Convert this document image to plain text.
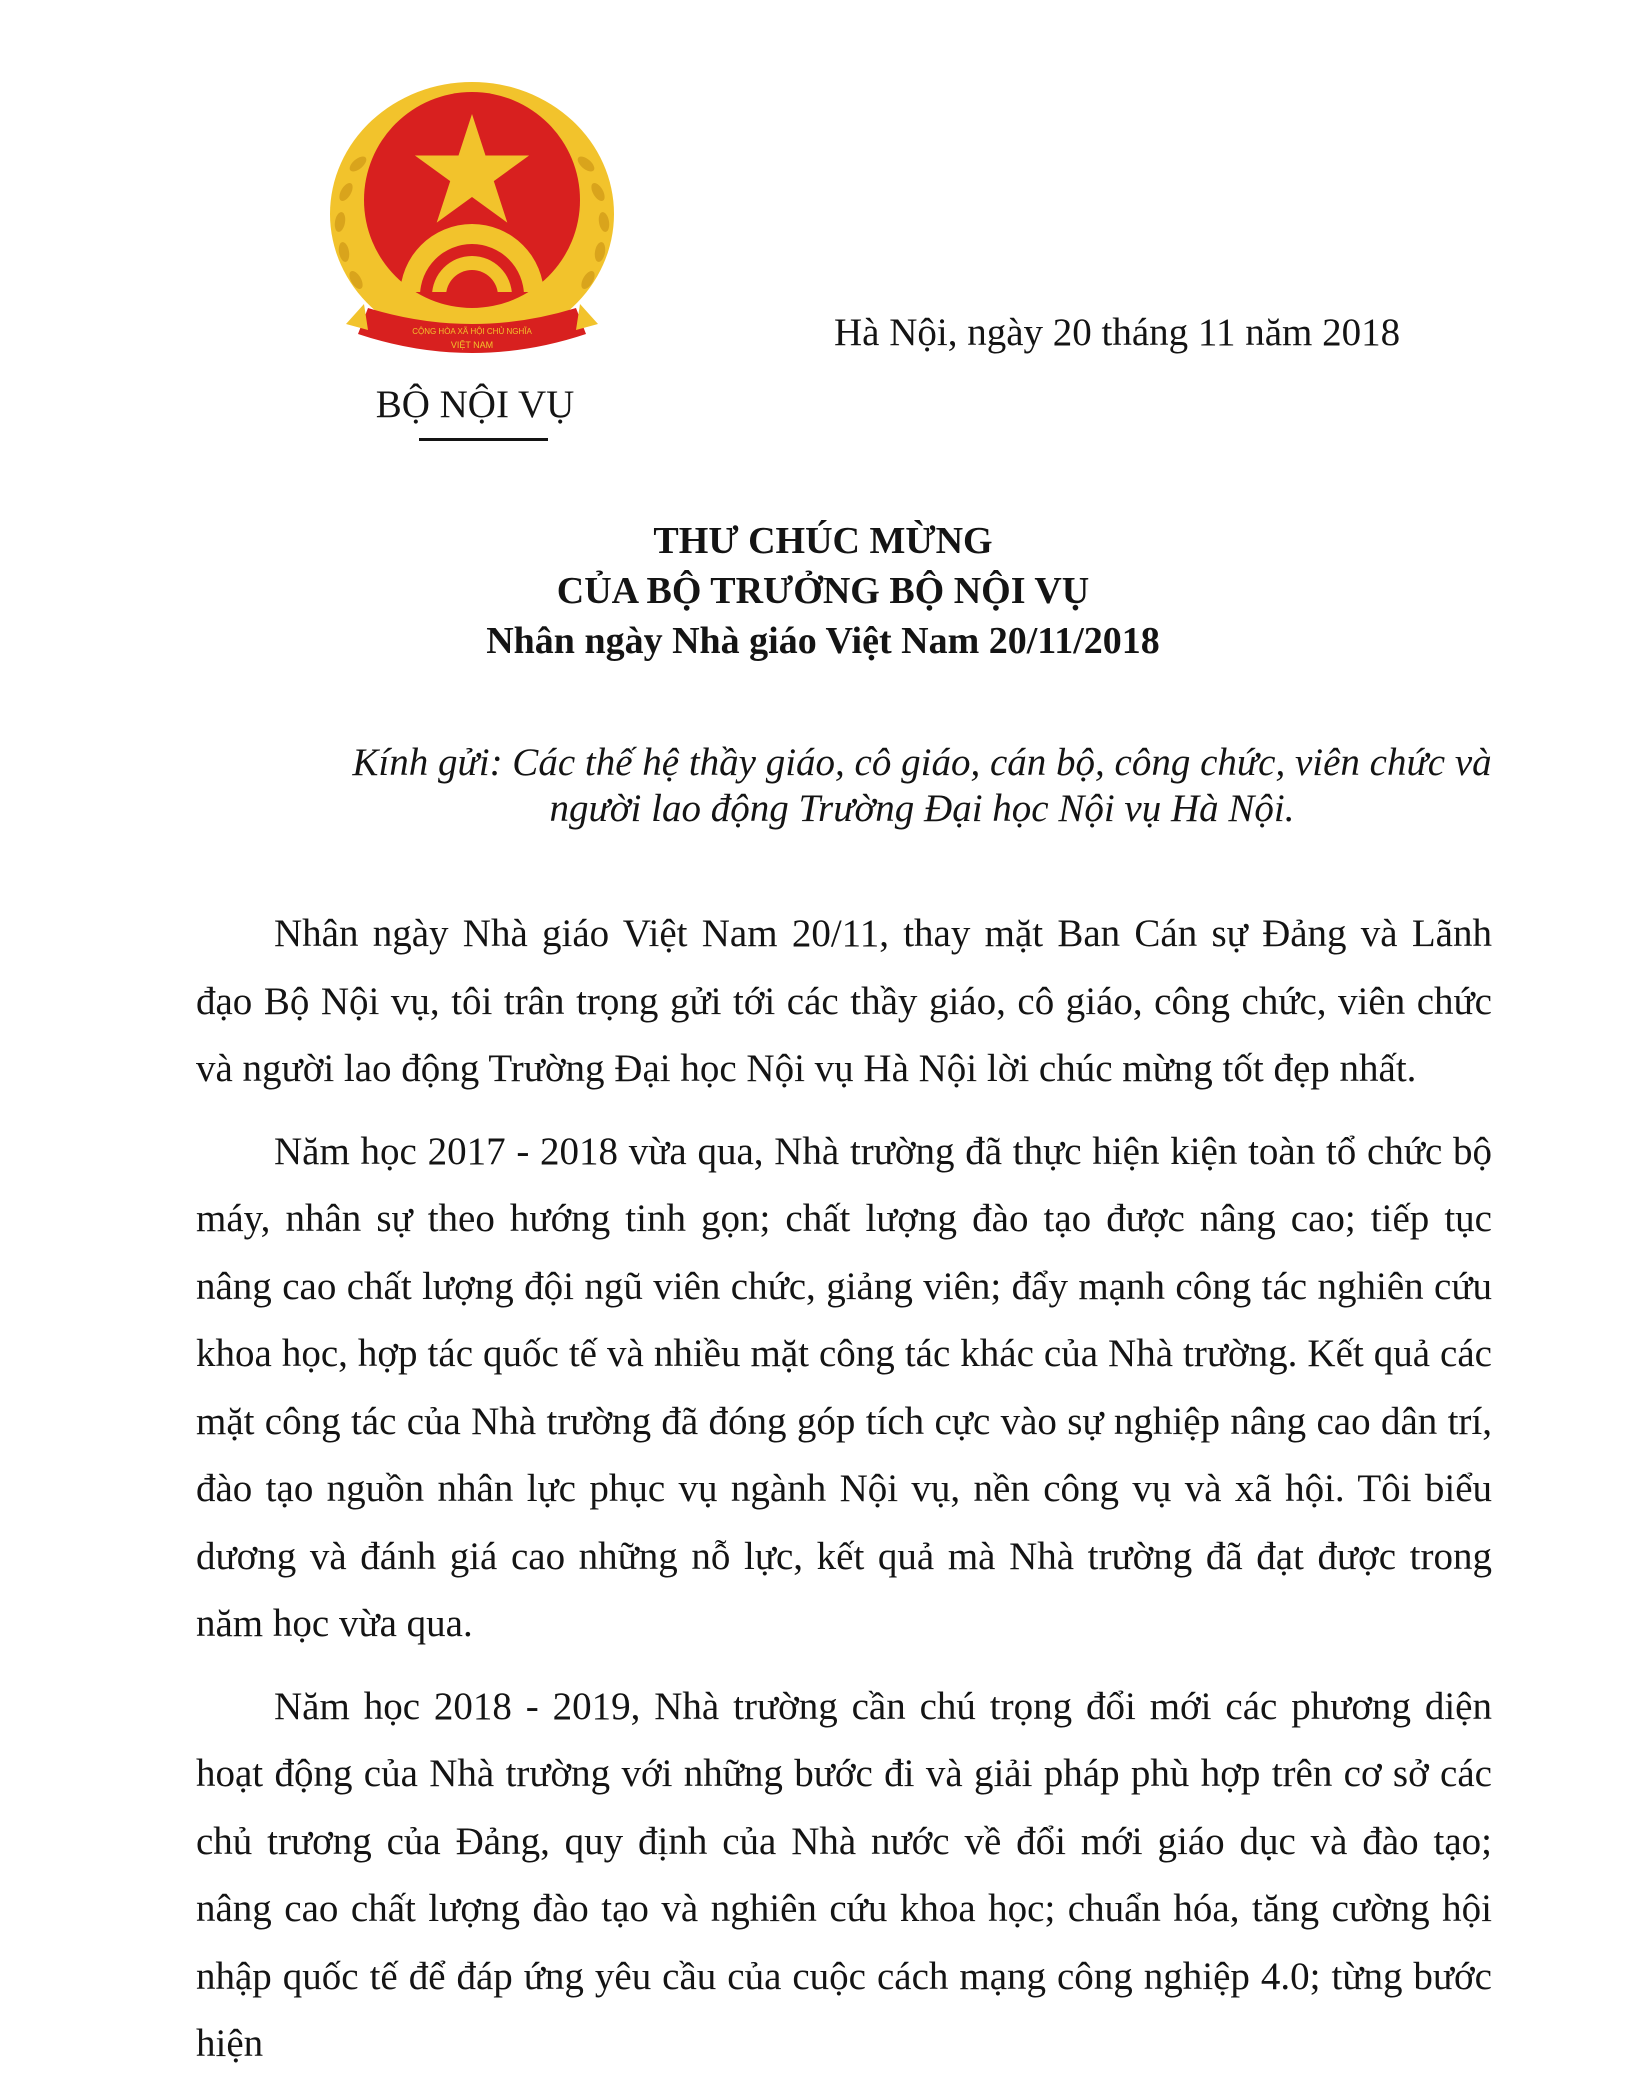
CỘNG HÒA XÃ HỘI CHỦ NGHĨA
VIỆT NAM
BỘ NỘI VỤ
Hà Nội, ngày 20 tháng 11 năm 2018
THƯ CHÚC MỪNG
CỦA BỘ TRƯỞNG BỘ NỘI VỤ
Nhân ngày Nhà giáo Việt Nam 20/11/2018
Kính gửi: Các thế hệ thầy giáo, cô giáo, cán bộ, công chức, viên chức và người lao động Trường Đại học Nội vụ Hà Nội.

Nhân ngày Nhà giáo Việt Nam 20/11, thay mặt Ban Cán sự Đảng và Lãnh đạo Bộ Nội vụ, tôi trân trọng gửi tới các thầy giáo, cô giáo, công chức, viên chức và người lao động Trường Đại học Nội vụ Hà Nội lời chúc mừng tốt đẹp nhất.

Năm học 2017 - 2018 vừa qua, Nhà trường đã thực hiện kiện toàn tổ chức bộ máy, nhân sự theo hướng tinh gọn; chất lượng đào tạo được nâng cao; tiếp tục nâng cao chất lượng đội ngũ viên chức, giảng viên; đẩy mạnh công tác nghiên cứu khoa học, hợp tác quốc tế và nhiều mặt công tác khác của Nhà trường. Kết quả các mặt công tác của Nhà trường đã đóng góp tích cực vào sự nghiệp nâng cao dân trí, đào tạo nguồn nhân lực phục vụ ngành Nội vụ, nền công vụ và xã hội. Tôi biểu dương và đánh giá cao những nỗ lực, kết quả mà Nhà trường đã đạt được trong năm học vừa qua.

Năm học 2018 - 2019, Nhà trường cần chú trọng đổi mới các phương diện hoạt động của Nhà trường với những bước đi và giải pháp phù hợp trên cơ sở các chủ trương của Đảng, quy định của Nhà nước về đổi mới giáo dục và đào tạo; nâng cao chất lượng đào tạo và nghiên cứu khoa học; chuẩn hóa, tăng cường hội nhập quốc tế để đáp ứng yêu cầu của cuộc cách mạng công nghiệp 4.0; từng bước hiện
